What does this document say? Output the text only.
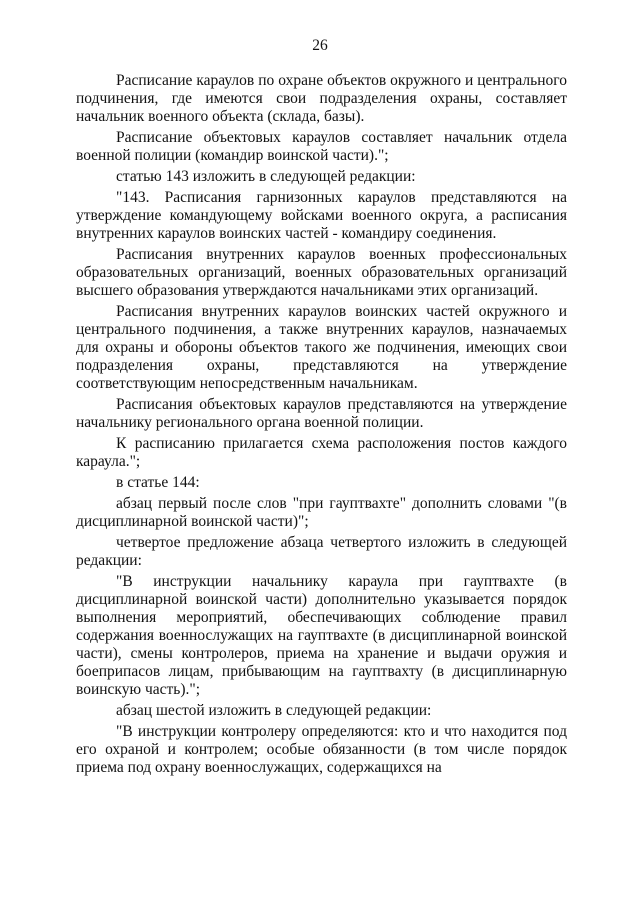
26

Расписание караулов по охране объектов окружного и центрального подчинения, где имеются свои подразделения охраны, составляет начальник военного объекта (склада, базы).

Расписание объектовых караулов составляет начальник отдела военной полиции (командир воинской части).";

статью 143 изложить в следующей редакции:

"143. Расписания гарнизонных караулов представляются на утверждение командующему войсками военного округа, а расписания внутренних караулов воинских частей - командиру соединения.

Расписания внутренних караулов военных профессиональных образовательных организаций, военных образовательных организаций высшего образования утверждаются начальниками этих организаций.

Расписания внутренних караулов воинских частей окружного и центрального подчинения, а также внутренних караулов, назначаемых для охраны и обороны объектов такого же подчинения, имеющих свои подразделения охраны, представляются на утверждение соответствующим непосредственным начальникам.

Расписания объектовых караулов представляются на утверждение начальнику регионального органа военной полиции.

К расписанию прилагается схема расположения постов каждого караула.";

в статье 144:

абзац первый после слов "при гауптвахте" дополнить словами "(в дисциплинарной воинской части)";

четвертое предложение абзаца четвертого изложить в следующей редакции:

"В инструкции начальнику караула при гауптвахте (в дисциплинарной воинской части) дополнительно указывается порядок выполнения мероприятий, обеспечивающих соблюдение правил содержания военнослужащих на гауптвахте (в дисциплинарной воинской части), смены контролеров, приема на хранение и выдачи оружия и боеприпасов лицам, прибывающим на гауптвахту (в дисциплинарную воинскую часть).";

абзац шестой изложить в следующей редакции:

"В инструкции контролеру определяются: кто и что находится под его охраной и контролем; особые обязанности (в том числе порядок приема под охрану военнослужащих, содержащихся на
